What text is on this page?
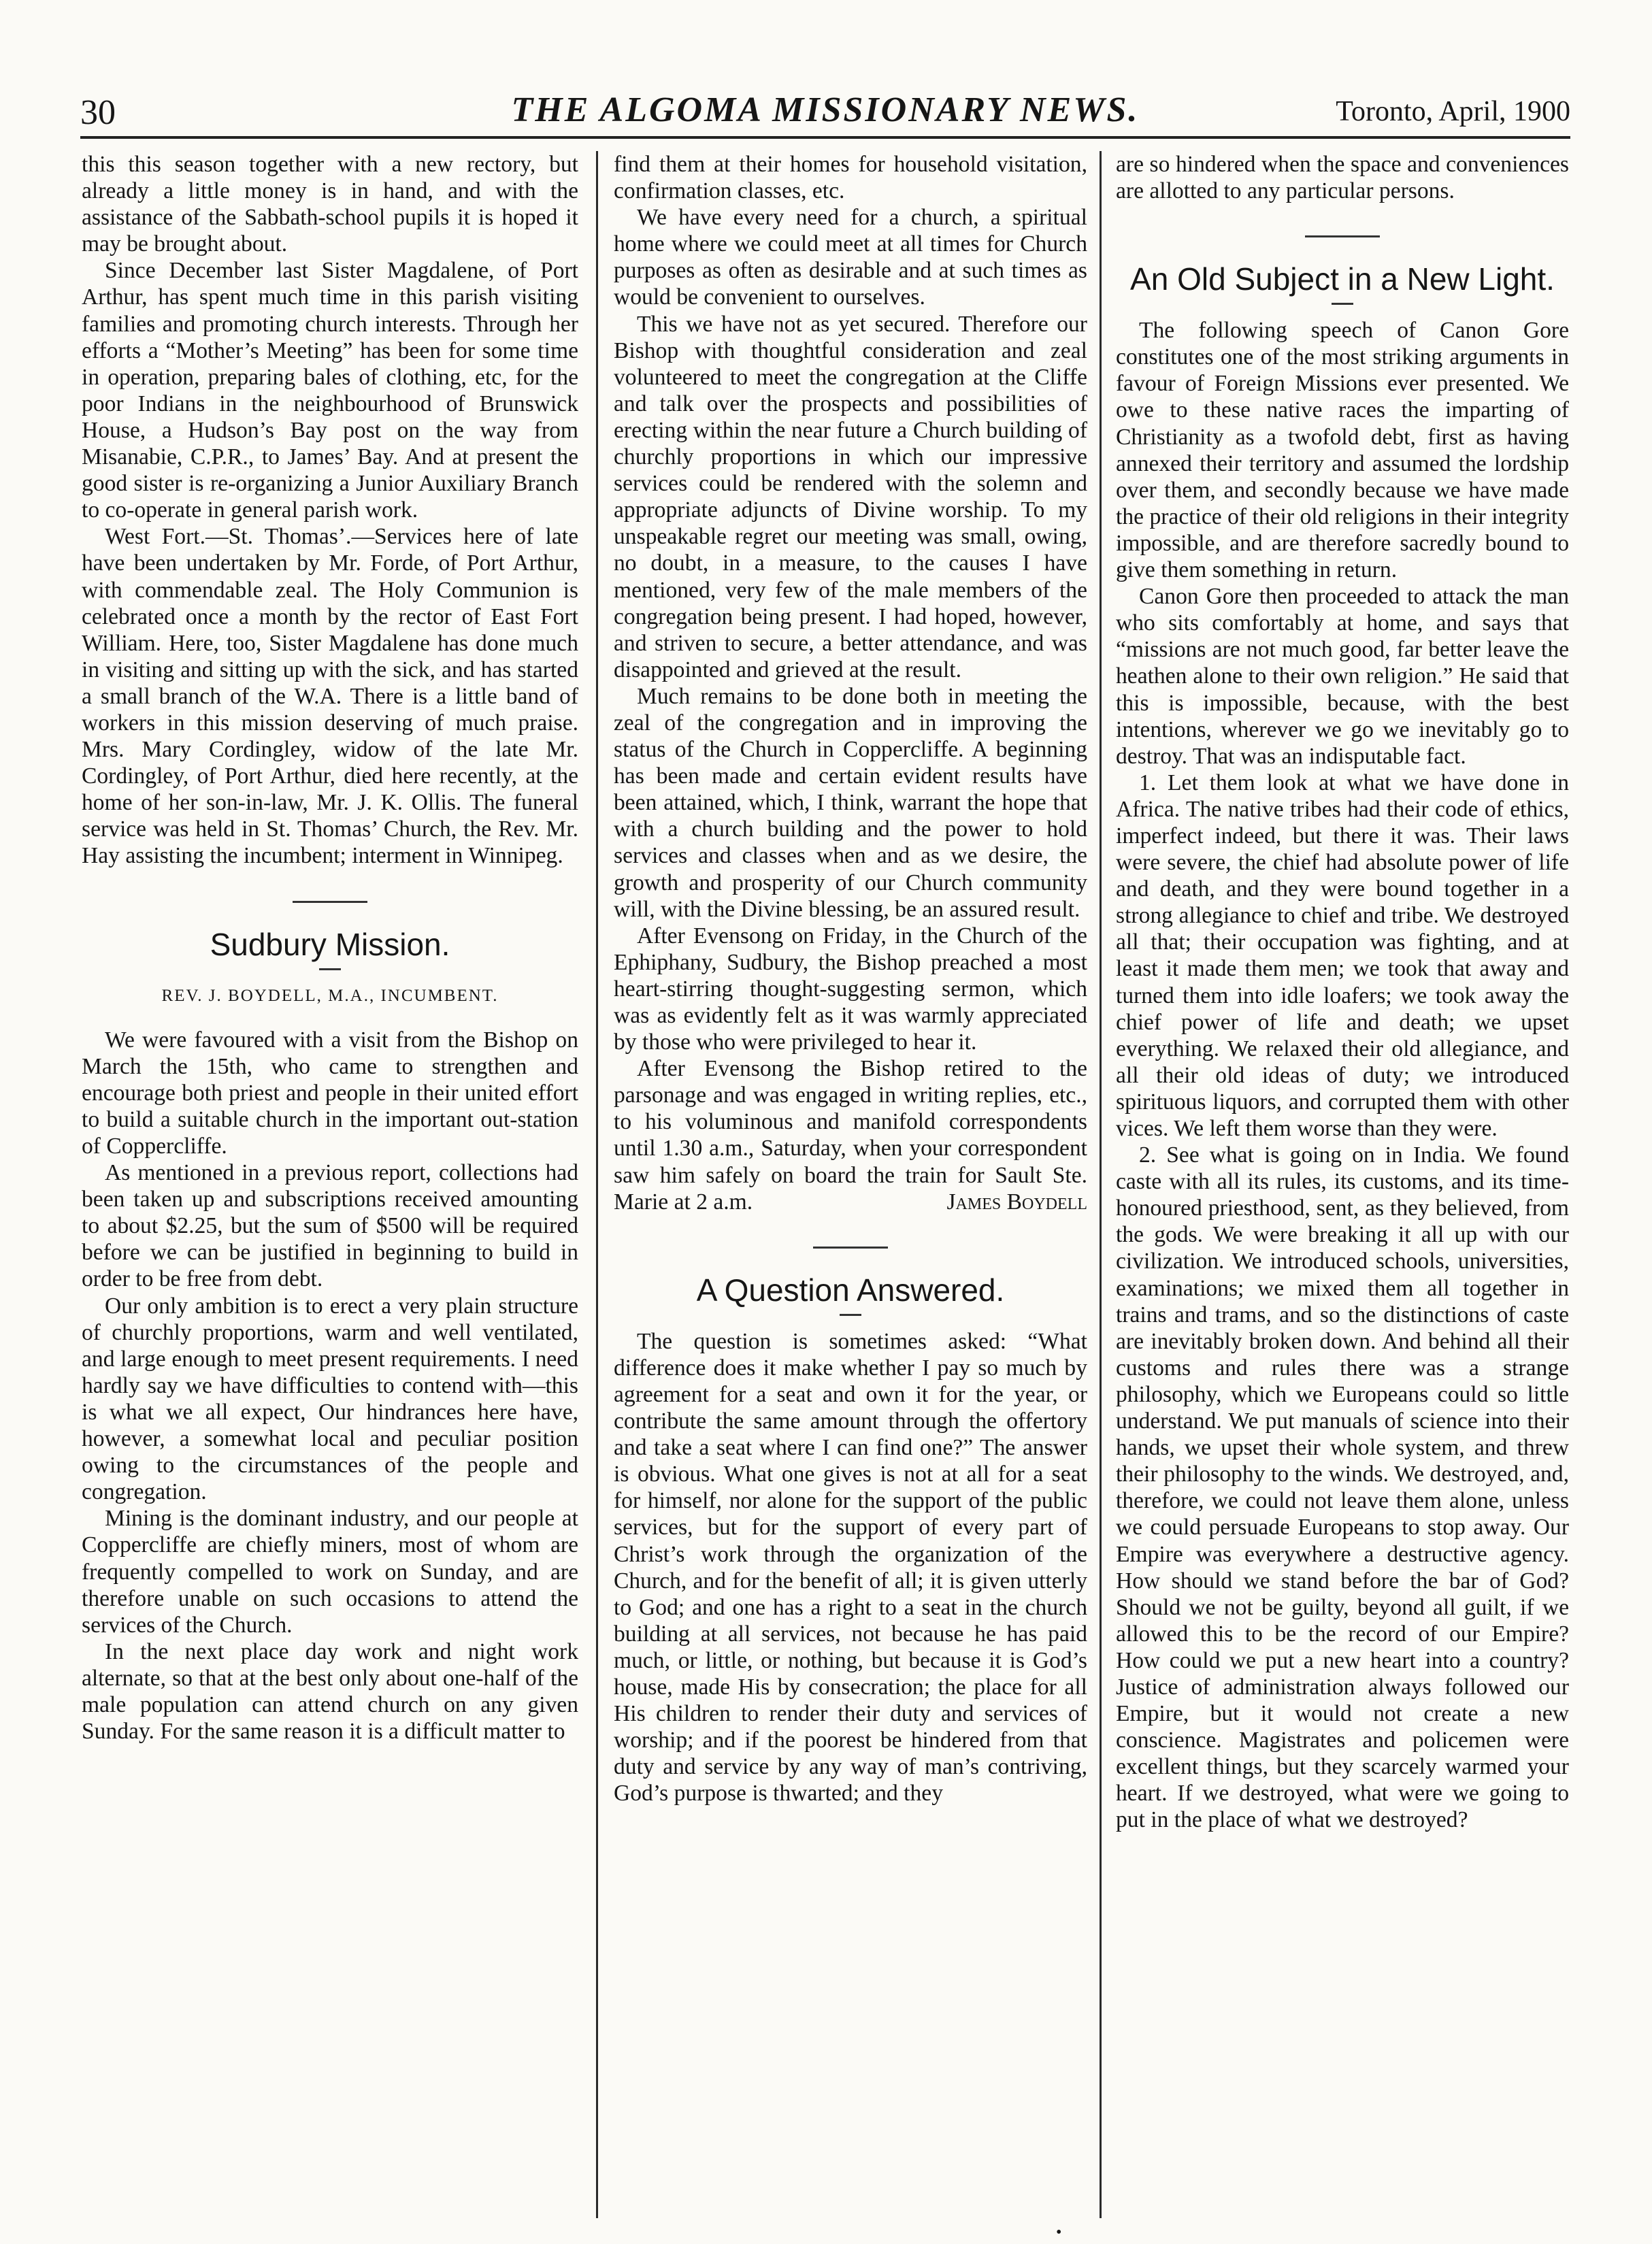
30	THE ALGOMA MISSIONARY NEWS.	Toronto, April, 1900

this this season together with a new rectory, but already a little money is in hand, and with the assistance of the Sabbath-school pupils it is hoped it may be brought about.

Since December last Sister Magdalene, of Port Arthur, has spent much time in this parish visiting families and promoting church interests. Through her efforts a “Mother’s Meeting” has been for some time in operation, preparing bales of clothing, etc, for the poor Indians in the neighbourhood of Brunswick House, a Hudson’s Bay post on the way from Misanabie, C.P.R., to James’ Bay. And at present the good sister is re-organizing a Junior Auxiliary Branch to co-operate in general parish work.

West Fort.—St. Thomas’.—Services here of late have been undertaken by Mr. Forde, of Port Arthur, with commendable zeal. The Holy Communion is celebrated once a month by the rector of East Fort William. Here, too, Sister Magdalene has done much in visiting and sitting up with the sick, and has started a small branch of the W.A. There is a little band of workers in this mission deserving of much praise. Mrs. Mary Cordingley, widow of the late Mr. Cordingley, of Port Arthur, died here recently, at the home of her son-in-law, Mr. J. K. Ollis. The funeral service was held in St. Thomas’ Church, the Rev. Mr. Hay assisting the incumbent; interment in Winnipeg.

Sudbury Mission.

REV. J. BOYDELL, M.A., INCUMBENT.

We were favoured with a visit from the Bishop on March the 15th, who came to strengthen and encourage both priest and people in their united effort to build a suitable church in the important out-station of Coppercliffe.

As mentioned in a previous report, collections had been taken up and subscriptions received amounting to about $2.25, but the sum of $500 will be required before we can be justified in beginning to build in order to be free from debt.

Our only ambition is to erect a very plain structure of churchly proportions, warm and well ventilated, and large enough to meet present requirements. I need hardly say we have difficulties to contend with—this is what we all expect, Our hindrances here have, however, a somewhat local and peculiar position owing to the circumstances of the people and congregation.

Mining is the dominant industry, and our people at Coppercliffe are chiefly miners, most of whom are frequently compelled to work on Sunday, and are therefore unable on such occasions to attend the services of the Church.

In the next place day work and night work alternate, so that at the best only about one-half of the male population can attend church on any given Sunday. For the same reason it is a difficult matter to

find them at their homes for household visitation, confirmation classes, etc.

We have every need for a church, a spiritual home where we could meet at all times for Church purposes as often as desirable and at such times as would be convenient to ourselves.

This we have not as yet secured. Therefore our Bishop with thoughtful consideration and zeal volunteered to meet the congregation at the Cliffe and talk over the prospects and possibilities of erecting within the near future a Church building of churchly proportions in which our impressive services could be rendered with the solemn and appropriate adjuncts of Divine worship. To my unspeakable regret our meeting was small, owing, no doubt, in a measure, to the causes I have mentioned, very few of the male members of the congregation being present. I had hoped, however, and striven to secure, a better attendance, and was disappointed and grieved at the result.

Much remains to be done both in meeting the zeal of the congregation and in improving the status of the Church in Coppercliffe. A beginning has been made and certain evident results have been attained, which, I think, warrant the hope that with a church building and the power to hold services and classes when and as we desire, the growth and prosperity of our Church community will, with the Divine blessing, be an assured result.

After Evensong on Friday, in the Church of the Ephiphany, Sudbury, the Bishop preached a most heart-stirring thought-suggesting sermon, which was as evidently felt as it was warmly appreciated by those who were privileged to hear it.

After Evensong the Bishop retired to the parsonage and was engaged in writing replies, etc., to his voluminous and manifold correspondents until 1.30 a.m., Saturday, when your correspondent saw him safely on board the train for Sault Ste. Marie at 2 a.m.	James Boydell

A Question Answered.

The question is sometimes asked: “What difference does it make whether I pay so much by agreement for a seat and own it for the year, or contribute the same amount through the offertory and take a seat where I can find one?” The answer is obvious. What one gives is not at all for a seat for himself, nor alone for the support of the public services, but for the support of every part of Christ’s work through the organization of the Church, and for the benefit of all; it is given utterly to God; and one has a right to a seat in the church building at all services, not because he has paid much, or little, or nothing, but because it is God’s house, made His by consecration; the place for all His children to render their duty and services of worship; and if the poorest be hindered from that duty and service by any way of man’s contriving, God’s purpose is thwarted; and they

are so hindered when the space and conveniences are allotted to any particular persons.

An Old Subject in a New Light.

The following speech of Canon Gore constitutes one of the most striking arguments in favour of Foreign Missions ever presented. We owe to these native races the imparting of Christianity as a twofold debt, first as having annexed their territory and assumed the lordship over them, and secondly because we have made the practice of their old religions in their integrity impossible, and are therefore sacredly bound to give them something in return.

Canon Gore then proceeded to attack the man who sits comfortably at home, and says that “missions are not much good, far better leave the heathen alone to their own religion.” He said that this is impossible, because, with the best intentions, wherever we go we inevitably go to destroy. That was an indisputable fact.

1. Let them look at what we have done in Africa. The native tribes had their code of ethics, imperfect indeed, but there it was. Their laws were severe, the chief had absolute power of life and death, and they were bound together in a strong allegiance to chief and tribe. We destroyed all that; their occupation was fighting, and at least it made them men; we took that away and turned them into idle loafers; we took away the chief power of life and death; we upset everything. We relaxed their old allegiance, and all their old ideas of duty; we introduced spirituous liquors, and corrupted them with other vices. We left them worse than they were.

2. See what is going on in India. We found caste with all its rules, its customs, and its time-honoured priesthood, sent, as they believed, from the gods. We were breaking it all up with our civilization. We introduced schools, universities, examinations; we mixed them all together in trains and trams, and so the distinctions of caste are inevitably broken down. And behind all their customs and rules there was a strange philosophy, which we Europeans could so little understand. We put manuals of science into their hands, we upset their whole system, and threw their philosophy to the winds. We destroyed, and, therefore, we could not leave them alone, unless we could persuade Europeans to stop away. Our Empire was everywhere a destructive agency. How should we stand before the bar of God? Should we not be guilty, beyond all guilt, if we allowed this to be the record of our Empire? How could we put a new heart into a country? Justice of administration always followed our Empire, but it would not create a new conscience. Magistrates and policemen were excellent things, but they scarcely warmed your heart. If we destroyed, what were we going to put in the place of what we destroyed?

•
